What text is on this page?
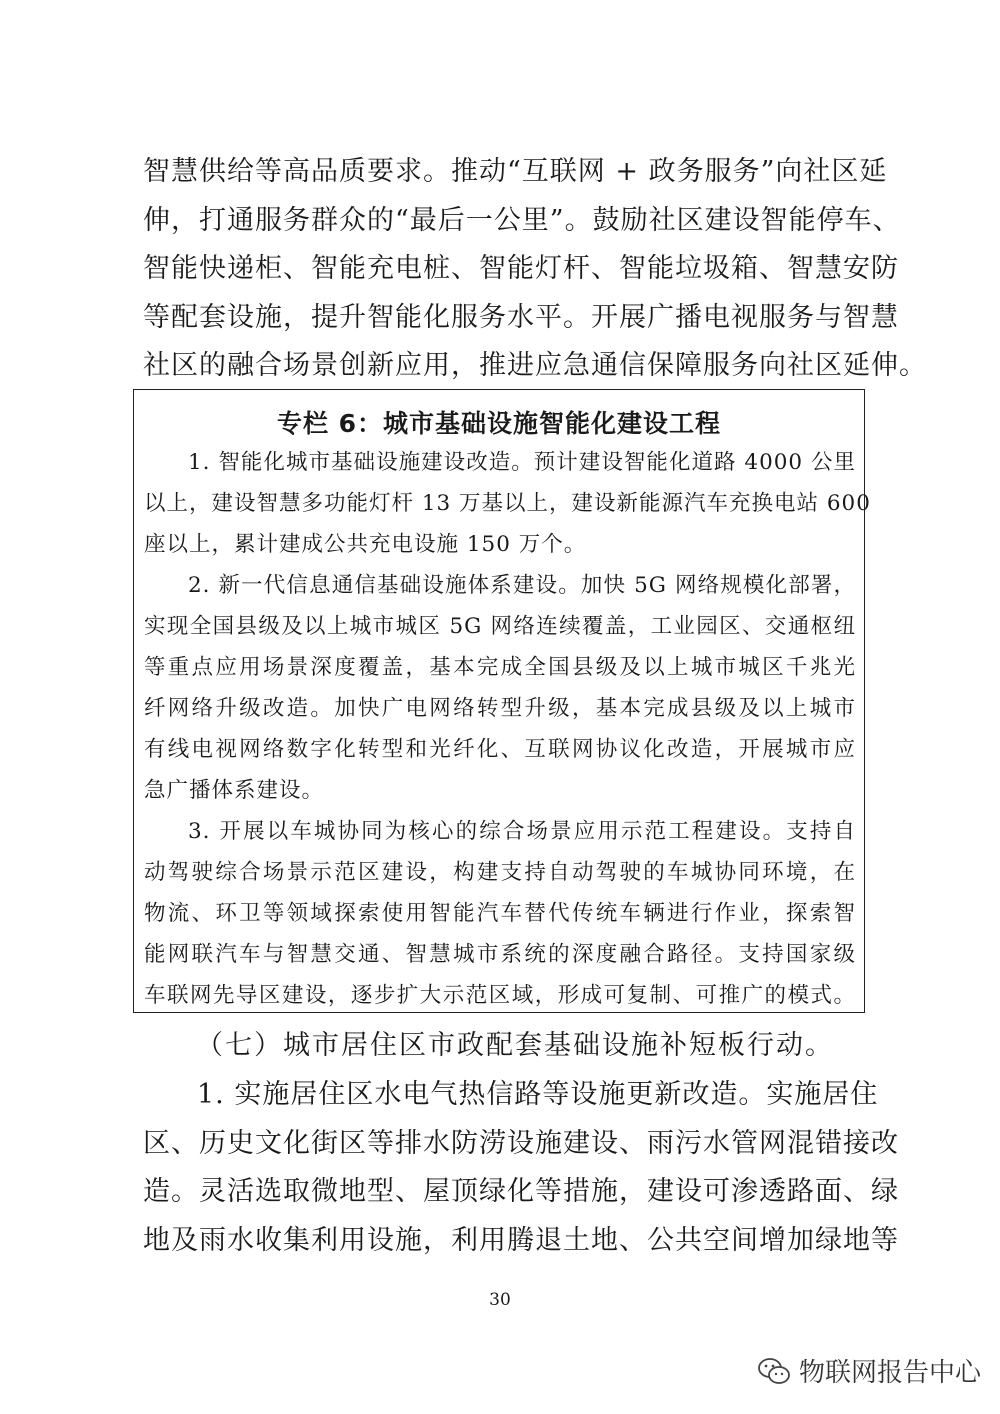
智慧供给等高品质要求。推动“互联网 + 政务服务”向社区延
伸，打通服务群众的“最后一公里”。鼓励社区建设智能停车、
智能快递柜、智能充电桩、智能灯杆、智能垃圾箱、智慧安防
等配套设施，提升智能化服务水平。开展广播电视服务与智慧
社区的融合场景创新应用，推进应急通信保障服务向社区延伸。
专栏 6：城市基础设施智能化建设工程
1. 智能化城市基础设施建设改造。预计建设智能化道路 4000 公里
以上，建设智慧多功能灯杆 13 万基以上，建设新能源汽车充换电站 600
座以上，累计建成公共充电设施 150 万个。
2. 新一代信息通信基础设施体系建设。加快 5G 网络规模化部署，
实现全国县级及以上城市城区 5G 网络连续覆盖，工业园区、交通枢纽
等重点应用场景深度覆盖，基本完成全国县级及以上城市城区千兆光
纤网络升级改造。加快广电网络转型升级，基本完成县级及以上城市
有线电视网络数字化转型和光纤化、互联网协议化改造，开展城市应
急广播体系建设。
3. 开展以车城协同为核心的综合场景应用示范工程建设。支持自
动驾驶综合场景示范区建设，构建支持自动驾驶的车城协同环境，在
物流、环卫等领域探索使用智能汽车替代传统车辆进行作业，探索智
能网联汽车与智慧交通、智慧城市系统的深度融合路径。支持国家级
车联网先导区建设，逐步扩大示范区域，形成可复制、可推广的模式。
（七）城市居住区市政配套基础设施补短板行动。
1. 实施居住区水电气热信路等设施更新改造。实施居住
区、历史文化街区等排水防涝设施建设、雨污水管网混错接改
造。灵活选取微地型、屋顶绿化等措施，建设可渗透路面、绿
地及雨水收集利用设施，利用腾退土地、公共空间增加绿地等
30
物联网报告中心
